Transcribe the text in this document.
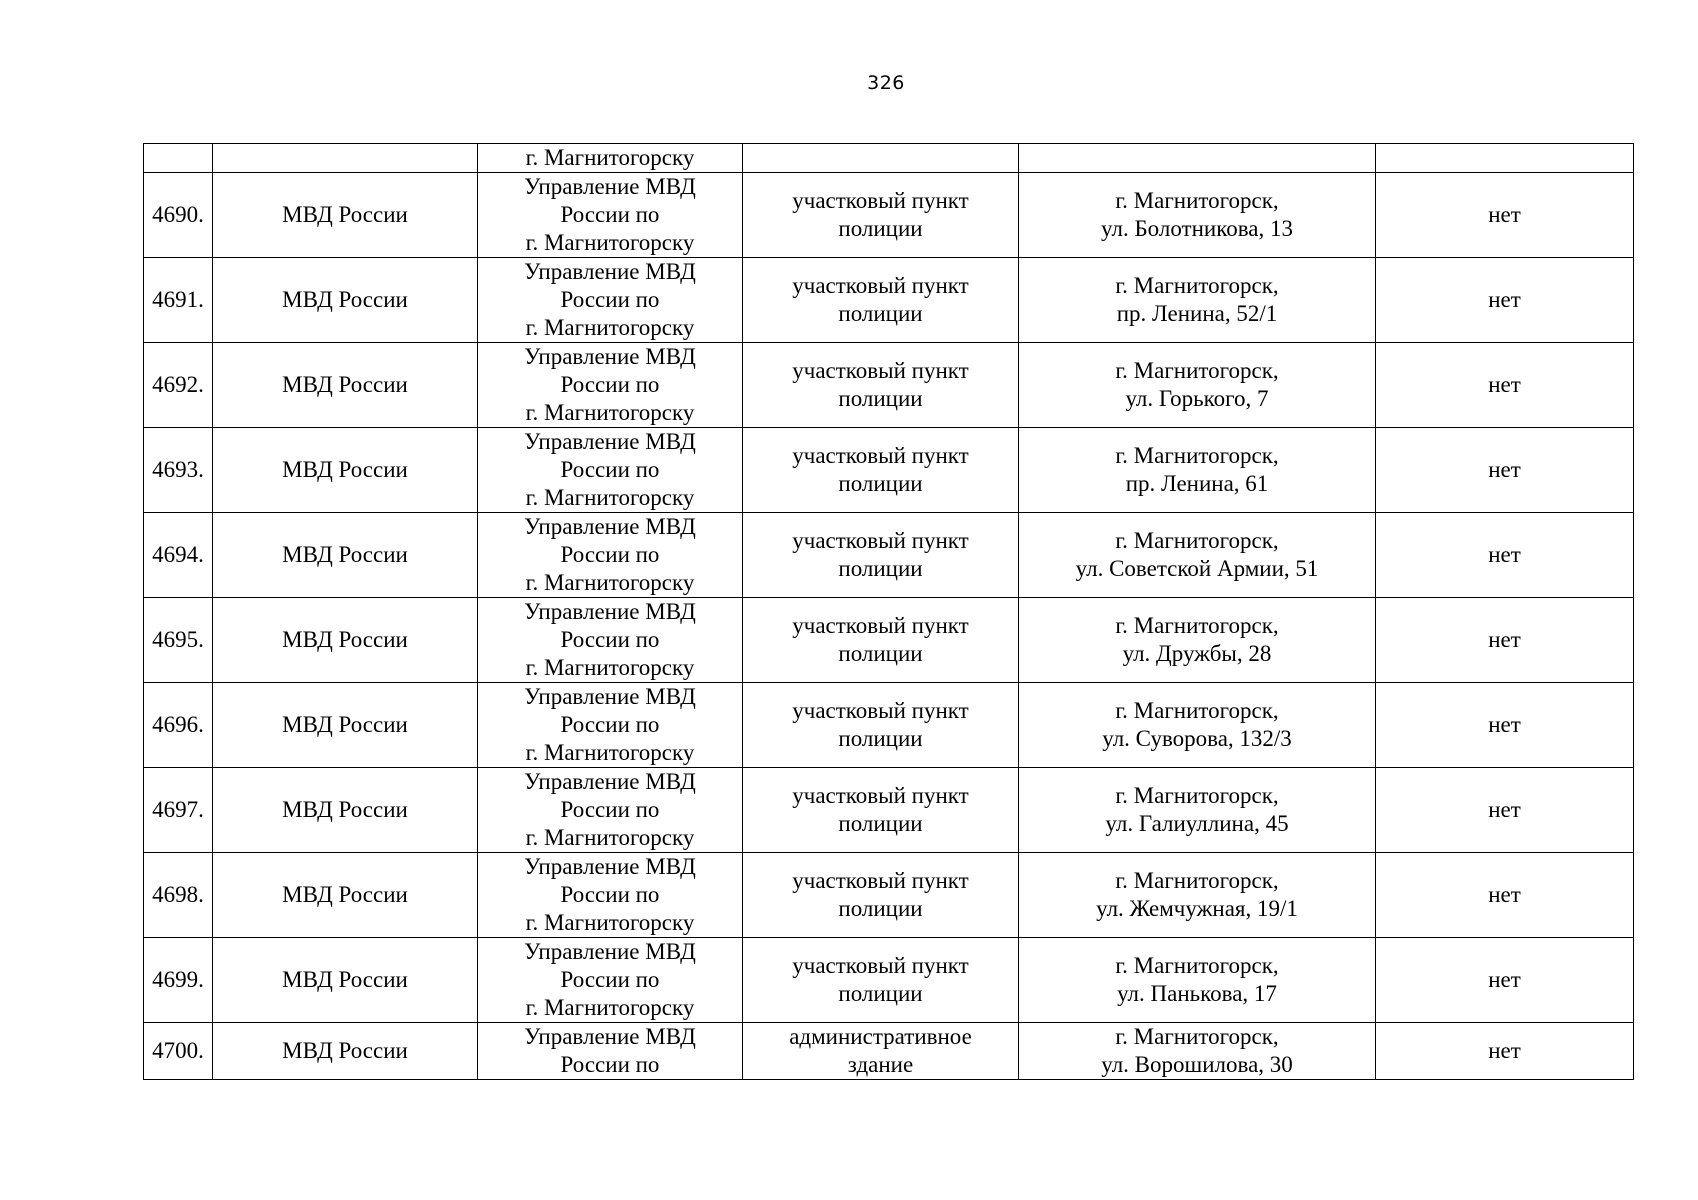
326
		г. Магнитогорску			
4690.	МВД России	Управление МВД
России по
г. Магнитогорску	участковый пункт
полиции	г. Магнитогорск,
ул. Болотникова, 13	нет
4691.	МВД России	Управление МВД
России по
г. Магнитогорску	участковый пункт
полиции	г. Магнитогорск,
пр. Ленина, 52/1	нет
4692.	МВД России	Управление МВД
России по
г. Магнитогорску	участковый пункт
полиции	г. Магнитогорск,
ул. Горького, 7	нет
4693.	МВД России	Управление МВД
России по
г. Магнитогорску	участковый пункт
полиции	г. Магнитогорск,
пр. Ленина, 61	нет
4694.	МВД России	Управление МВД
России по
г. Магнитогорску	участковый пункт
полиции	г. Магнитогорск,
ул. Советской Армии, 51	нет
4695.	МВД России	Управление МВД
России по
г. Магнитогорску	участковый пункт
полиции	г. Магнитогорск,
ул. Дружбы, 28	нет
4696.	МВД России	Управление МВД
России по
г. Магнитогорску	участковый пункт
полиции	г. Магнитогорск,
ул. Суворова, 132/3	нет
4697.	МВД России	Управление МВД
России по
г. Магнитогорску	участковый пункт
полиции	г. Магнитогорск,
ул. Галиуллина, 45	нет
4698.	МВД России	Управление МВД
России по
г. Магнитогорску	участковый пункт
полиции	г. Магнитогорск,
ул. Жемчужная, 19/1	нет
4699.	МВД России	Управление МВД
России по
г. Магнитогорску	участковый пункт
полиции	г. Магнитогорск,
ул. Панькова, 17	нет
4700.	МВД России	Управление МВД
России по	административное
здание	г. Магнитогорск,
ул. Ворошилова, 30	нет
